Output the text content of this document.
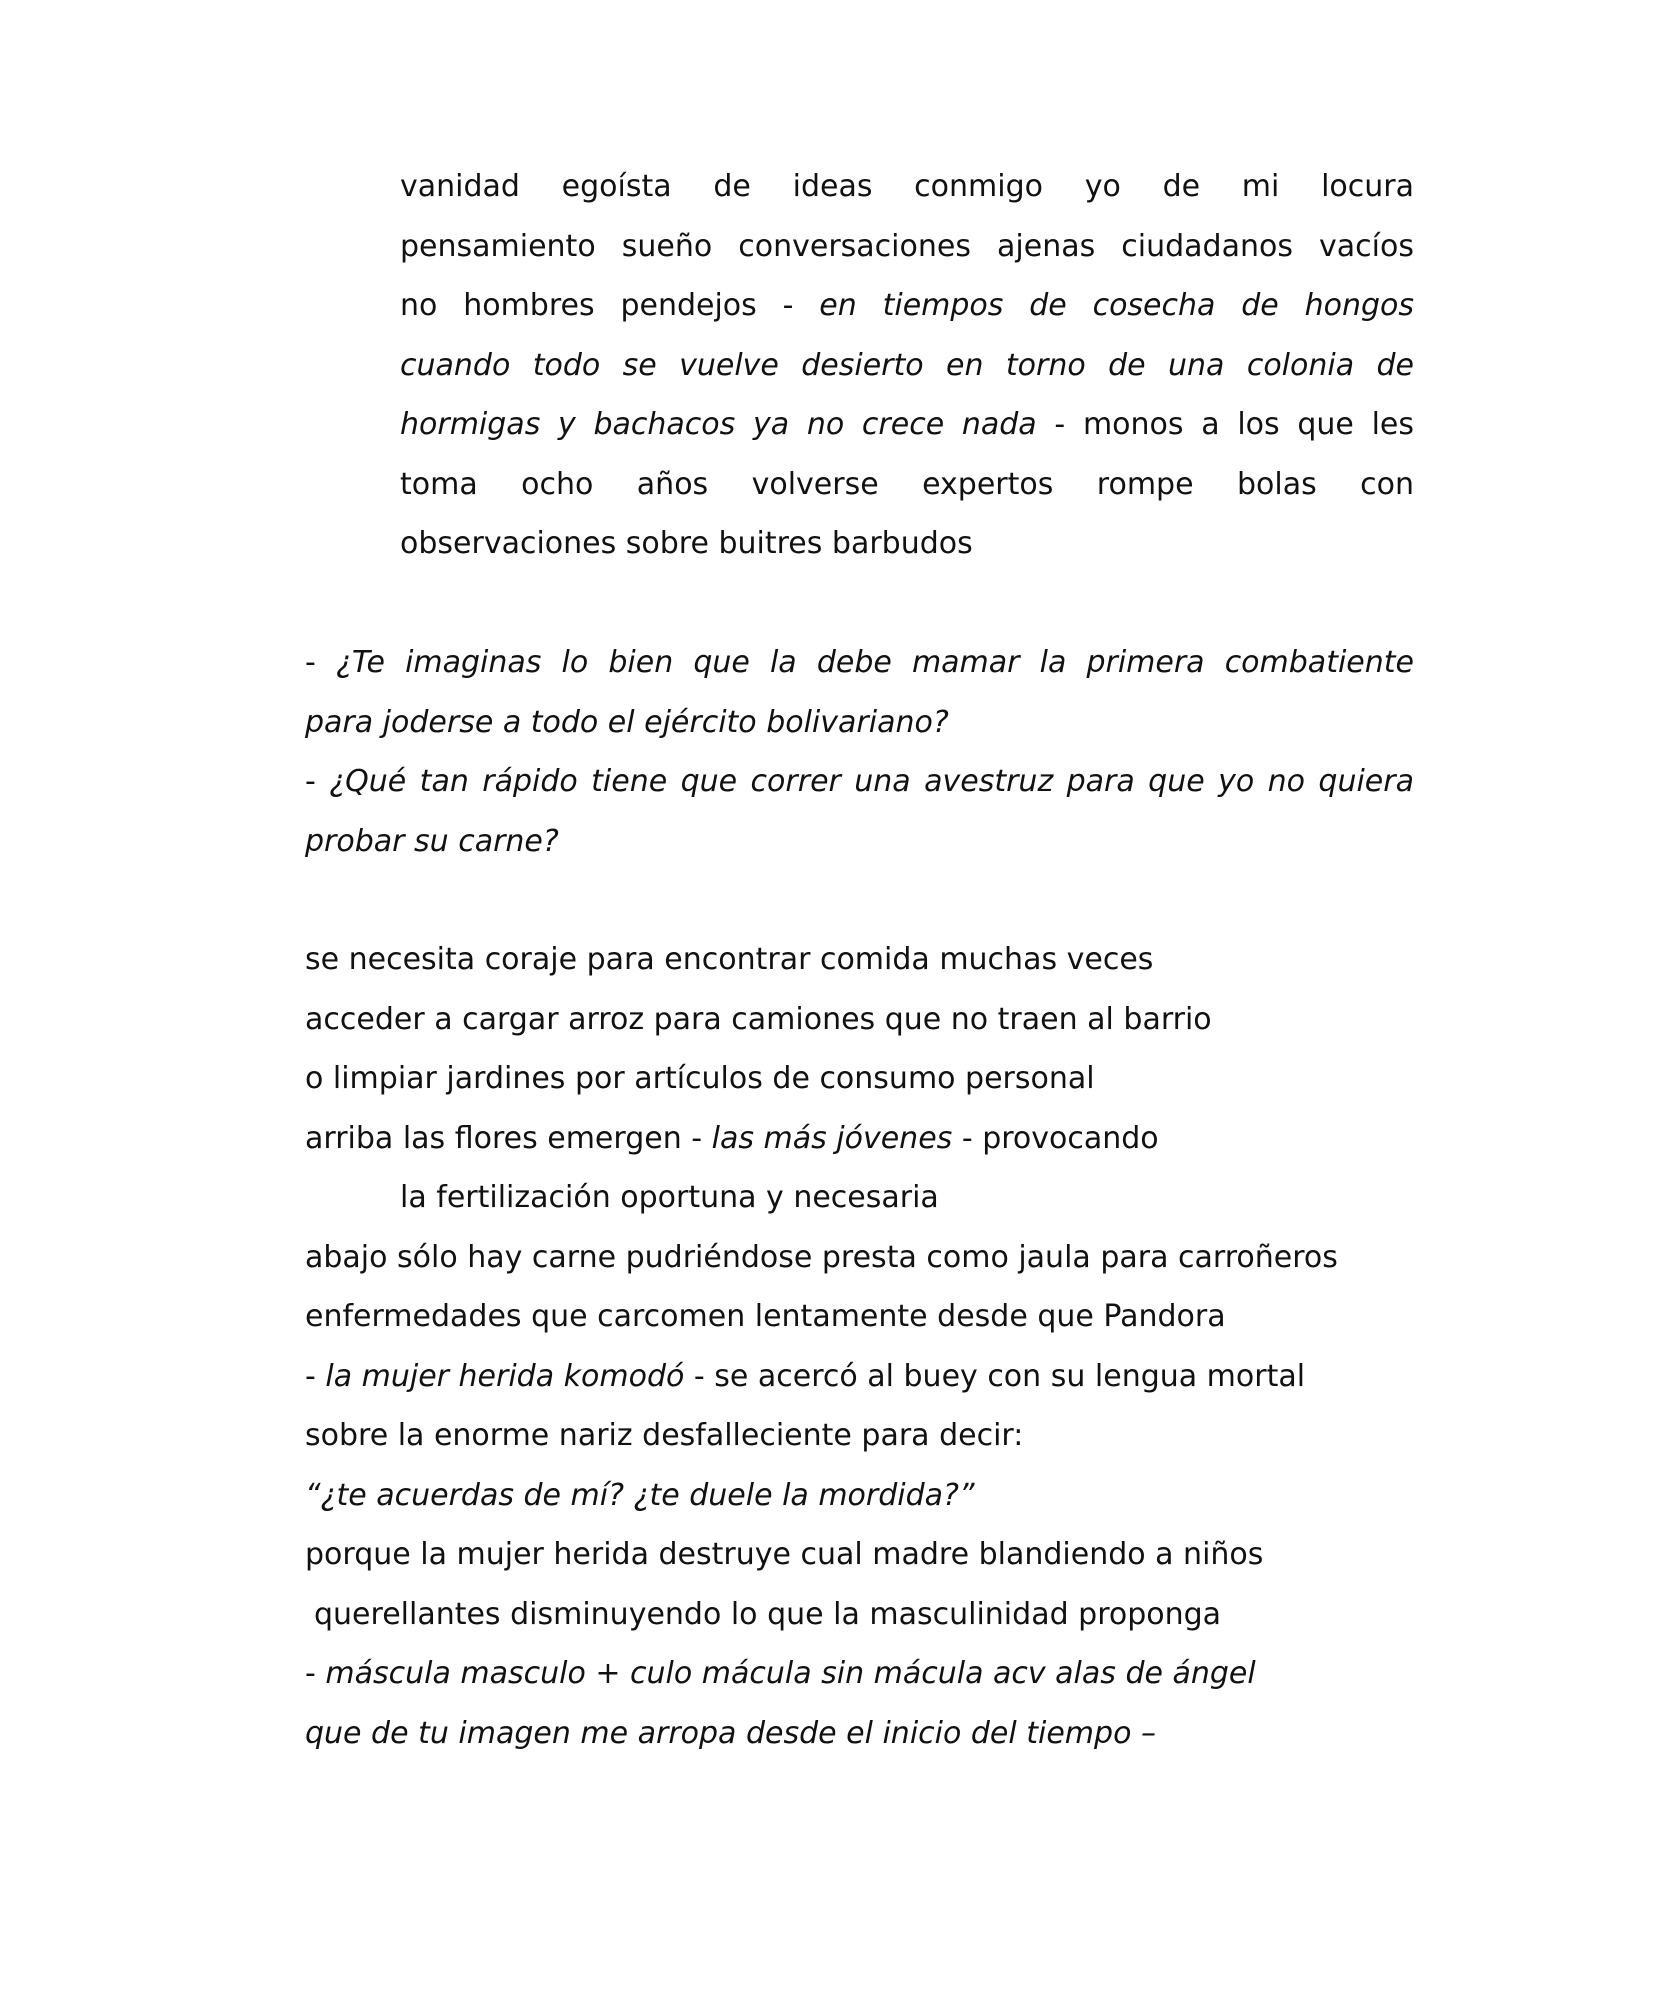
vanidad egoísta de ideas conmigo yo de mi locura
pensamiento sueño conversaciones ajenas ciudadanos vacíos
no hombres pendejos - en tiempos de cosecha de hongos
cuando todo se vuelve desierto en torno de una colonia de
hormigas y bachacos ya no crece nada - monos a los que les
toma ocho años volverse expertos rompe bolas con
observaciones sobre buitres barbudos
- ¿Te imaginas lo bien que la debe mamar la primera combatiente
para joderse a todo el ejército bolivariano?
- ¿Qué tan rápido tiene que correr una avestruz para que yo no quiera
probar su carne?
se necesita coraje para encontrar comida muchas veces
acceder a cargar arroz para camiones que no traen al barrio
o limpiar jardines por artículos de consumo personal
arriba las flores emergen - las más jóvenes - provocando
la fertilización oportuna y necesaria
abajo sólo hay carne pudriéndose presta como jaula para carroñeros
enfermedades que carcomen lentamente desde que Pandora
- la mujer herida komodó - se acercó al buey con su lengua mortal
sobre la enorme nariz desfalleciente para decir:
“¿te acuerdas de mí? ¿te duele la mordida?”
porque la mujer herida destruye cual madre blandiendo a niños
querellantes disminuyendo lo que la masculinidad proponga
- máscula masculo + culo mácula sin mácula acv alas de ángel
que de tu imagen me arropa desde el inicio del tiempo –
